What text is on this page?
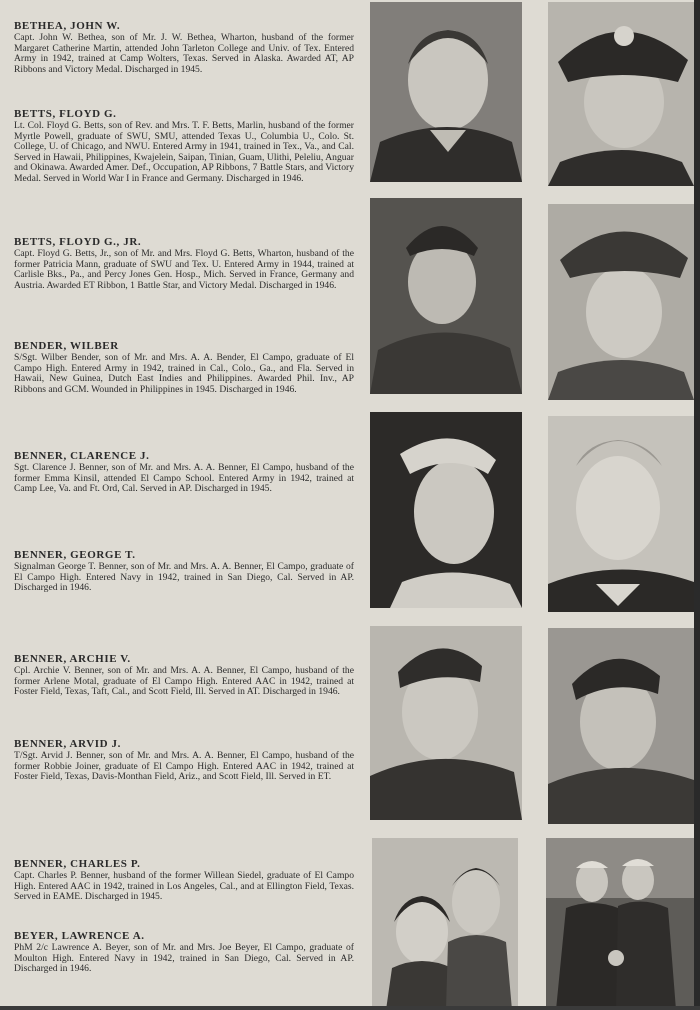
BETHEA, JOHN W.

Capt. John W. Bethea, son of Mr. J. W. Bethea, Wharton, husband of the former Margaret Catherine Martin, attended John Tarleton College and Univ. of Tex. Entered Army in 1942, trained at Camp Wolters, Texas. Served in Alaska. Awarded AT, AP Ribbons and Victory Medal. Discharged in 1945.

BETTS, FLOYD G.

Lt. Col. Floyd G. Betts, son of Rev. and Mrs. T. F. Betts, Marlin, husband of the former Myrtle Powell, graduate of SWU, SMU, attended Texas U., Columbia U., Colo. St. College, U. of Chicago, and NWU. Entered Army in 1941, trained in Tex., Va., and Cal. Served in Hawaii, Philippines, Kwajelein, Saipan, Tinian, Guam, Ulithi, Peleliu, Anguar and Okinawa. Awarded Amer. Def., Occupation, AP Ribbons, 7 Battle Stars, and Victory Medal. Served in World War I in France and Germany. Discharged in 1946.

BETTS, FLOYD G., JR.

Capt. Floyd G. Betts, Jr., son of Mr. and Mrs. Floyd G. Betts, Wharton, husband of the former Patricia Mann, graduate of SWU and Tex. U. Entered Army in 1944, trained at Carlisle Bks., Pa., and Percy Jones Gen. Hosp., Mich. Served in France, Germany and Austria. Awarded ET Ribbon, 1 Battle Star, and Victory Medal. Discharged in 1946.

BENDER, WILBER

S/Sgt. Wilber Bender, son of Mr. and Mrs. A. A. Bender, El Campo, graduate of El Campo High. Entered Army in 1942, trained in Cal., Colo., Ga., and Fla. Served in Hawaii, New Guinea, Dutch East Indies and Philippines. Awarded Phil. Inv., AP Ribbons and GCM. Wounded in Philippines in 1945. Discharged in 1946.

BENNER, CLARENCE J.

Sgt. Clarence J. Benner, son of Mr. and Mrs. A. A. Benner, El Campo, husband of the former Emma Kinsil, attended El Campo School. Entered Army in 1942, trained at Camp Lee, Va. and Ft. Ord, Cal. Served in AP. Discharged in 1945.

BENNER, GEORGE T.

Signalman George T. Benner, son of Mr. and Mrs. A. A. Benner, El Campo, graduate of El Campo High. Entered Navy in 1942, trained in San Diego, Cal. Served in AP. Discharged in 1946.

BENNER, ARCHIE V.

Cpl. Archie V. Benner, son of Mr. and Mrs. A. A. Benner, El Campo, husband of the former Arlene Motal, graduate of El Campo High. Entered AAC in 1942, trained at Foster Field, Texas, Taft, Cal., and Scott Field, Ill. Served in AT. Discharged in 1946.

BENNER, ARVID J.

T/Sgt. Arvid J. Benner, son of Mr. and Mrs. A. A. Benner, El Campo, husband of the former Robbie Joiner, graduate of El Campo High. Entered AAC in 1942, trained at Foster Field, Texas, Davis-Monthan Field, Ariz., and Scott Field, Ill. Served in ET.

BENNER, CHARLES P.

Capt. Charles P. Benner, husband of the former Willean Siedel, graduate of El Campo High. Entered AAC in 1942, trained in Los Angeles, Cal., and at Ellington Field, Texas. Served in EAME. Discharged in 1945.

BEYER, LAWRENCE A.

PhM 2/c Lawrence A. Beyer, son of Mr. and Mrs. Joe Beyer, El Campo, graduate of Moulton High. Entered Navy in 1942, trained in San Diego, Cal. Served in AP. Discharged in 1946.
